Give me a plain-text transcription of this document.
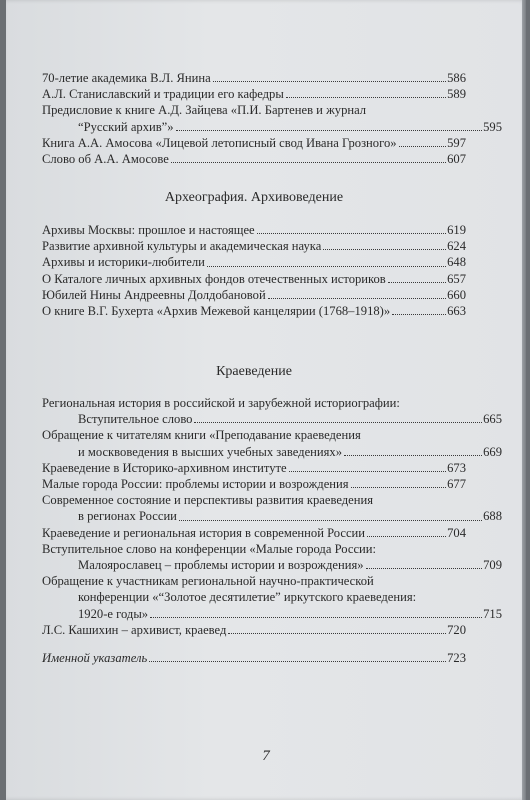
70-летие академика В.Л. Янина	586
А.Л. Станиславский и традиции его кафедры	589
Предисловие к книге А.Д. Зайцева «П.И. Бартенев и журнал
“Русский архив”»	595
Книга А.А. Амосова «Лицевой летописный свод Ивана Грозного»	597
Слово об А.А. Амосове	607
Археография. Архивоведение
Архивы Москвы: прошлое и настоящее	619
Развитие архивной культуры и академическая наука	624
Архивы и историки-любители	648
О Каталоге личных архивных фондов отечественных историков	657
Юбилей Нины Андреевны Долдобановой	660
О книге В.Г. Бухерта «Архив Межевой канцелярии (1768–1918)»	663
Краеведение
Региональная история в российской и зарубежной историографии:
Вступительное слово	665
Обращение к читателям книги «Преподавание краеведения
и москвоведения в высших учебных заведениях»	669
Краеведение в Историко-архивном институте	673
Малые города России: проблемы истории и возрождения	677
Современное состояние и перспективы развития краеведения
в регионах России	688
Краеведение и региональная история в современной России	704
Вступительное слово на конференции «Малые города России:
Малоярославец – проблемы истории и возрождения»	709
Обращение к участникам региональной научно-практической
конференции «“Золотое десятилетие” иркутского краеведения:
1920-е годы»	715
Л.С. Кашихин – архивист, краевед	720
Именной указатель	723
7
